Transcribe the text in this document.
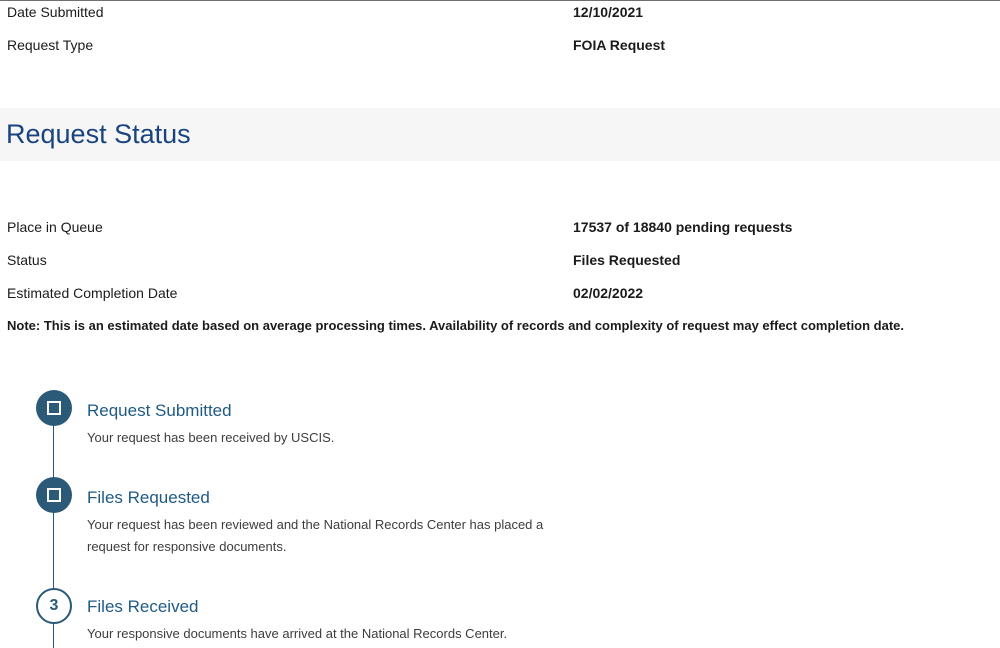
Date Submitted	12/10/2021
Request Type	FOIA Request
Request Status
Place in Queue	17537 of 18840 pending requests
Status	Files Requested
Estimated Completion Date	02/02/2022
Note: This is an estimated date based on average processing times. Availability of records and complexity of request may effect completion date.
Request Submitted
Your request has been received by USCIS.
Files Requested
Your request has been reviewed and the National Records Center has placed a request for responsive documents.
3	Files Received
Your responsive documents have arrived at the National Records Center.
